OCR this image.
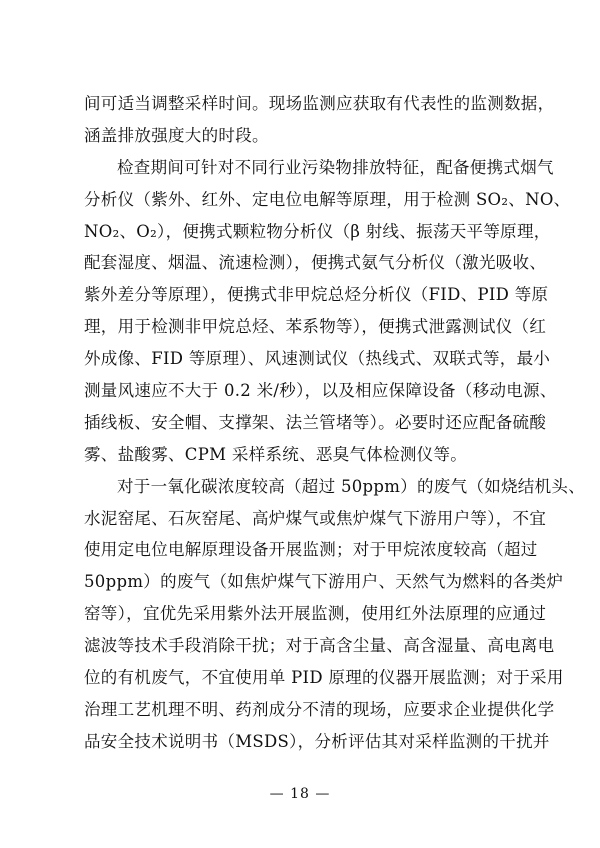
间可适当调整采样时间。现场监测应获取有代表性的监测数据，
涵盖排放强度大的时段。
检查期间可针对不同行业污染物排放特征，配备便携式烟气
分析仪（紫外、红外、定电位电解等原理，用于检测 SO₂、NO、
NO₂、O₂），便携式颗粒物分析仪（β 射线、振荡天平等原理，
配套湿度、烟温、流速检测），便携式氨气分析仪（激光吸收、
紫外差分等原理），便携式非甲烷总烃分析仪（FID、PID 等原
理，用于检测非甲烷总烃、苯系物等），便携式泄露测试仪（红
外成像、FID 等原理）、风速测试仪（热线式、双联式等，最小
测量风速应不大于 0.2 米/秒），以及相应保障设备（移动电源、
插线板、安全帽、支撑架、法兰管堵等）。必要时还应配备硫酸
雾、盐酸雾、CPM 采样系统、恶臭气体检测仪等。
对于一氧化碳浓度较高（超过 50ppm）的废气（如烧结机头、
水泥窑尾、石灰窑尾、高炉煤气或焦炉煤气下游用户等），不宜
使用定电位电解原理设备开展监测；对于甲烷浓度较高（超过
50ppm）的废气（如焦炉煤气下游用户、天然气为燃料的各类炉
窑等），宜优先采用紫外法开展监测，使用红外法原理的应通过
滤波等技术手段消除干扰；对于高含尘量、高含湿量、高电离电
位的有机废气，不宜使用单 PID 原理的仪器开展监测；对于采用
治理工艺机理不明、药剂成分不清的现场，应要求企业提供化学
品安全技术说明书（MSDS），分析评估其对采样监测的干扰并
— 18 —
